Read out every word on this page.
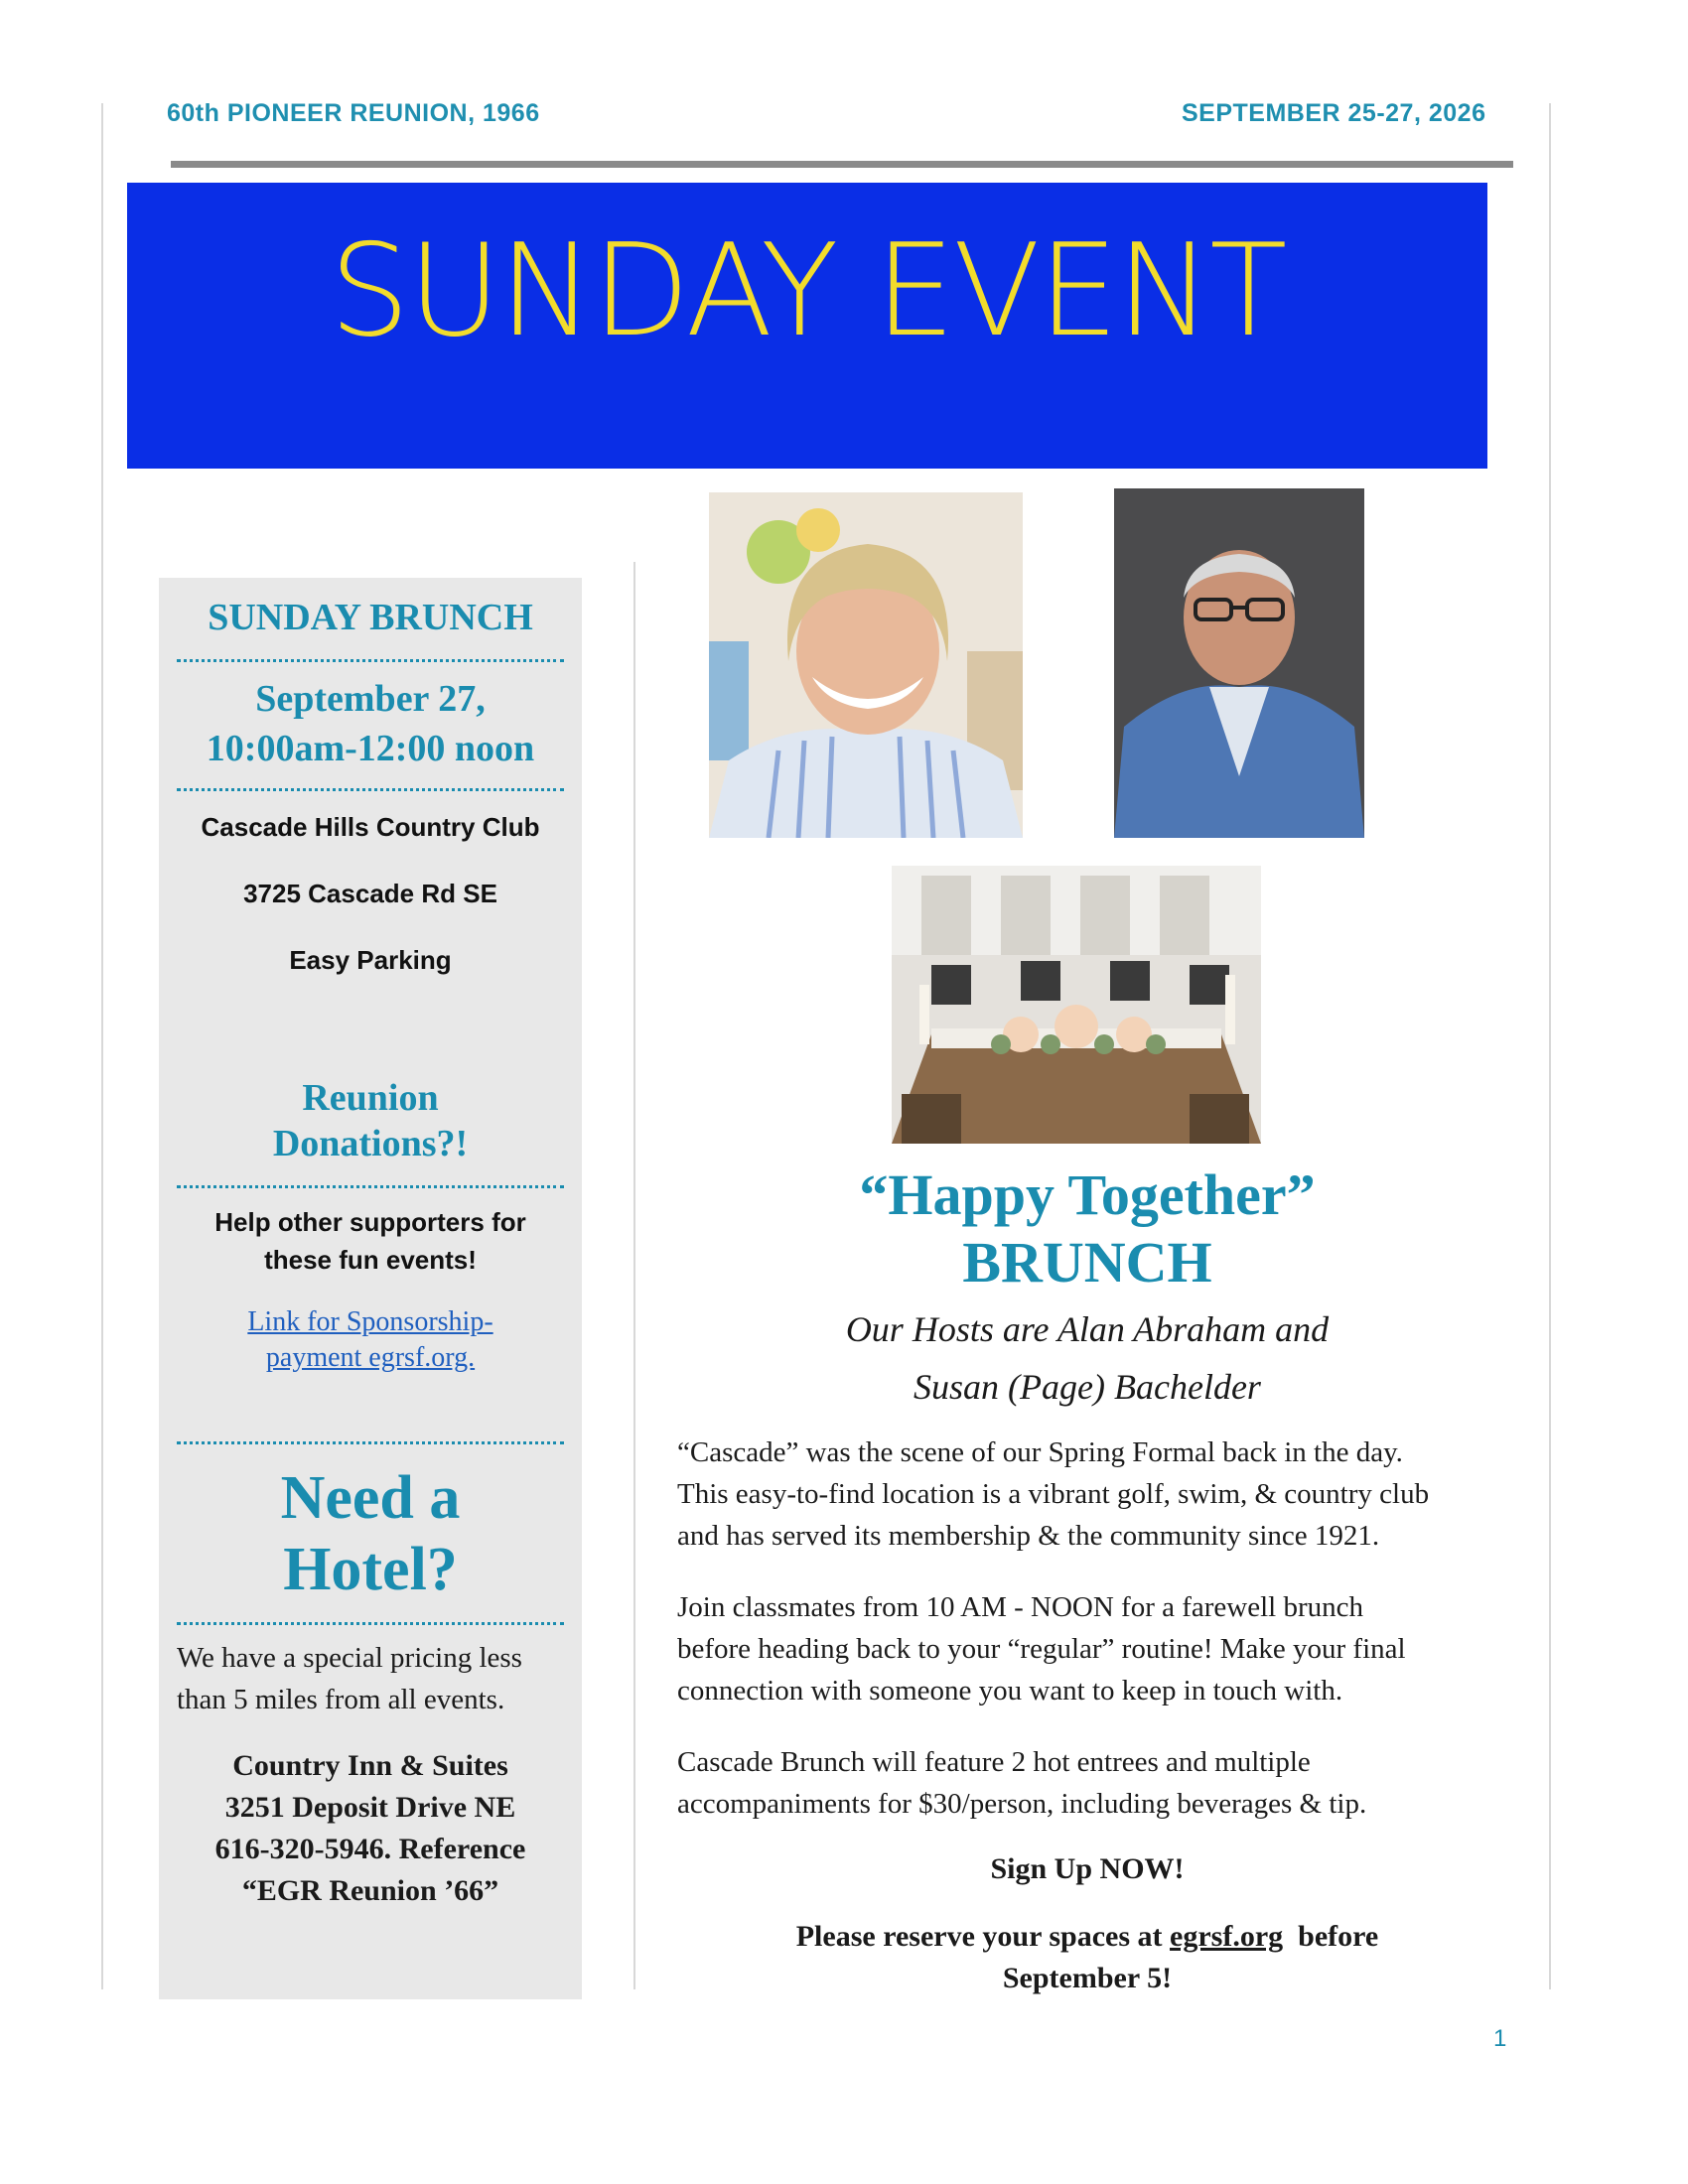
60th PIONEER REUNION, 1966	SEPTEMBER 25-27, 2026
SUNDAY EVENT
SUNDAY BRUNCH
September 27,
10:00am-12:00 noon
Cascade Hills Country Club
3725 Cascade Rd SE
Easy Parking
Reunion
Donations?!
Help other supporters for
these fun events!
Link for Sponsorship-
payment egrsf.org.
Need a
Hotel?
We have a special pricing less
than 5 miles from all events.
Country Inn & Suites
3251 Deposit Drive NE
616-320-5946. Reference
“EGR Reunion ’66”
“Happy Together”
BRUNCH
Our Hosts are Alan Abraham and
Susan (Page) Bachelder
“Cascade” was the scene of our Spring Formal back in the day.
This easy-to-find location is a vibrant golf, swim, & country club
and has served its membership & the community since 1921.
Join classmates from 10 AM - NOON for a farewell brunch
before heading back to your “regular” routine! Make your final
connection with someone you want to keep in touch with.
Cascade Brunch will feature 2 hot entrees and multiple
accompaniments for $30/person, including beverages & tip.
Sign Up NOW!
Please reserve your spaces at egrsf.org  before
September 5!
1
